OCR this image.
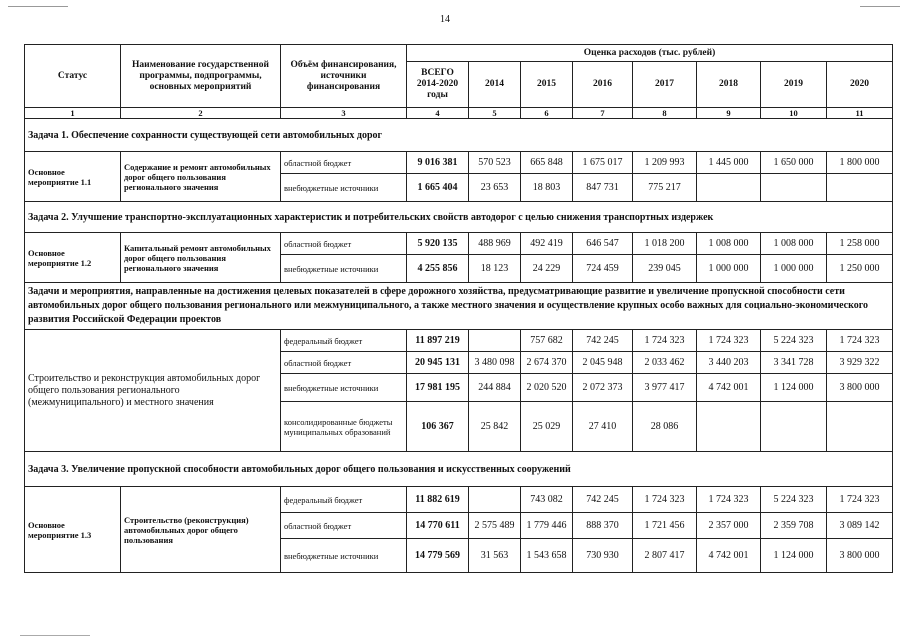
14
Статус	Наименование государственной программы, подпрограммы, основных мероприятий	Объём финансирования, источники финансирования	Оценка расходов (тыс. рублей)							
			ВСЕГО 2014-2020 годы	2014	2015	2016	2017	2018	2019	2020
1	2	3	4	5	6	7	8	9	10	11
Задача 1. Обеспечение сохранности существующей сети автомобильных дорог										
Основное мероприятие 1.1	Содержание и ремонт автомобильных дорог общего пользования регионального значения	областной бюджет	9 016 381	570 523	665 848	1 675 017	1 209 993	1 445 000	1 650 000	1 800 000
		внебюджетные источники	1 665 404	23 653	18 803	847 731	775 217			
Задача 2. Улучшение транспортно-эксплуатационных характеристик и потребительских свойств автодорог с целью снижения транспортных издержек										
Основное мероприятие 1.2	Капитальный ремонт автомобильных дорог общего пользования регионального значения	областной бюджет	5 920 135	488 969	492 419	646 547	1 018 200	1 008 000	1 008 000	1 258 000
		внебюджетные источники	4 255 856	18 123	24 229	724 459	239 045	1 000 000	1 000 000	1 250 000
Задачи и мероприятия, направленные на достижения целевых показателей в сфере дорожного хозяйства, предусматривающие развитие и увеличение пропускной способности сети автомобильных дорог общего пользования регионального или межмуниципального, а также местного значения и осуществление крупных особо важных для социально-экономического развития Российской Федерации проектов										
Строительство и реконструкция автомобильных дорог общего пользования регионального (межмуниципального) и местного значения		федеральный бюджет	11 897 219		757 682	742 245	1 724 323	1 724 323	5 224 323	1 724 323
		областной бюджет	20 945 131	3 480 098	2 674 370	2 045 948	2 033 462	3 440 203	3 341 728	3 929 322
		внебюджетные источники	17 981 195	244 884	2 020 520	2 072 373	3 977 417	4 742 001	1 124 000	3 800 000
		консолидированные бюджеты муниципальных образований	106 367	25 842	25 029	27 410	28 086			
Задача 3. Увеличение пропускной способности автомобильных дорог общего пользования и искусственных сооружений										
Основное мероприятие 1.3	Строительство (реконструкция) автомобильных дорог общего пользования	федеральный бюджет	11 882 619		743 082	742 245	1 724 323	1 724 323	5 224 323	1 724 323
		областной бюджет	14 770 611	2 575 489	1 779 446	888 370	1 721 456	2 357 000	2 359 708	3 089 142
		внебюджетные источники	14 779 569	31 563	1 543 658	730 930	2 807 417	4 742 001	1 124 000	3 800 000
